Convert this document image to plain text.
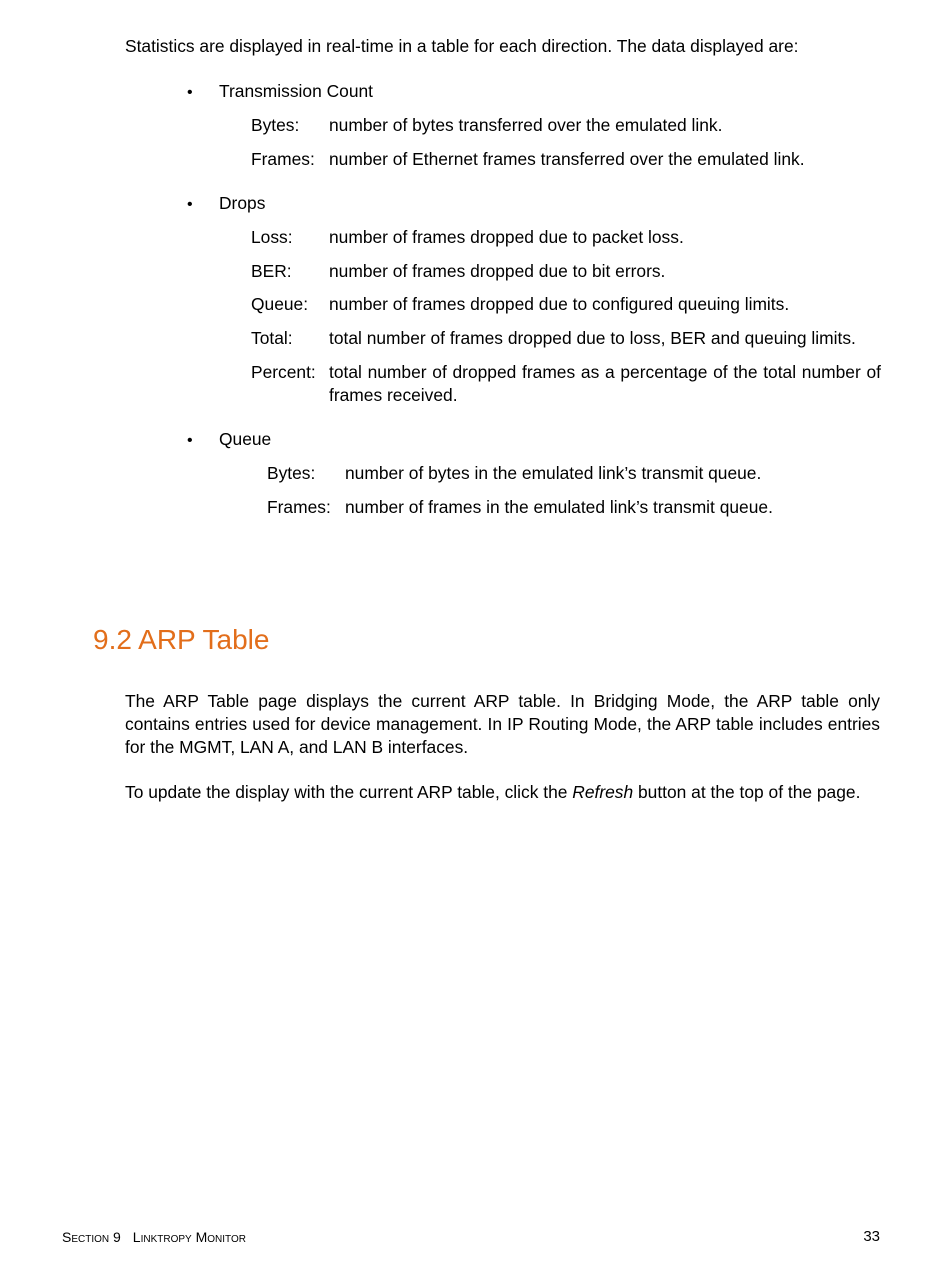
Statistics are displayed in real-time in a table for each direction. The data displayed are:
•	Transmission Count
Bytes:	number of bytes transferred over the emulated link.
Frames: number of Ethernet frames transferred over the emulated link.
•	Drops
Loss:	number of frames dropped due to packet loss.
BER:	number of frames dropped due to bit errors.
Queue:	number of frames dropped due to configured queuing limits.
Total:	total number of frames dropped due to loss, BER and queuing limits.
Percent: total number of dropped frames as a percentage of the total number of frames received.
•	Queue
Bytes:	number of bytes in the emulated link’s transmit queue.
Frames: number of frames in the emulated link’s transmit queue.
9.2 ARP Table
The ARP Table page displays the current ARP table. In Bridging Mode, the ARP table only contains entries used for device management. In IP Routing Mode, the ARP table includes entries for the MGMT, LAN A, and LAN B interfaces.
To update the display with the current ARP table, click the Refresh button at the top of the page.
Section 9 Linktropy Monitor	33
